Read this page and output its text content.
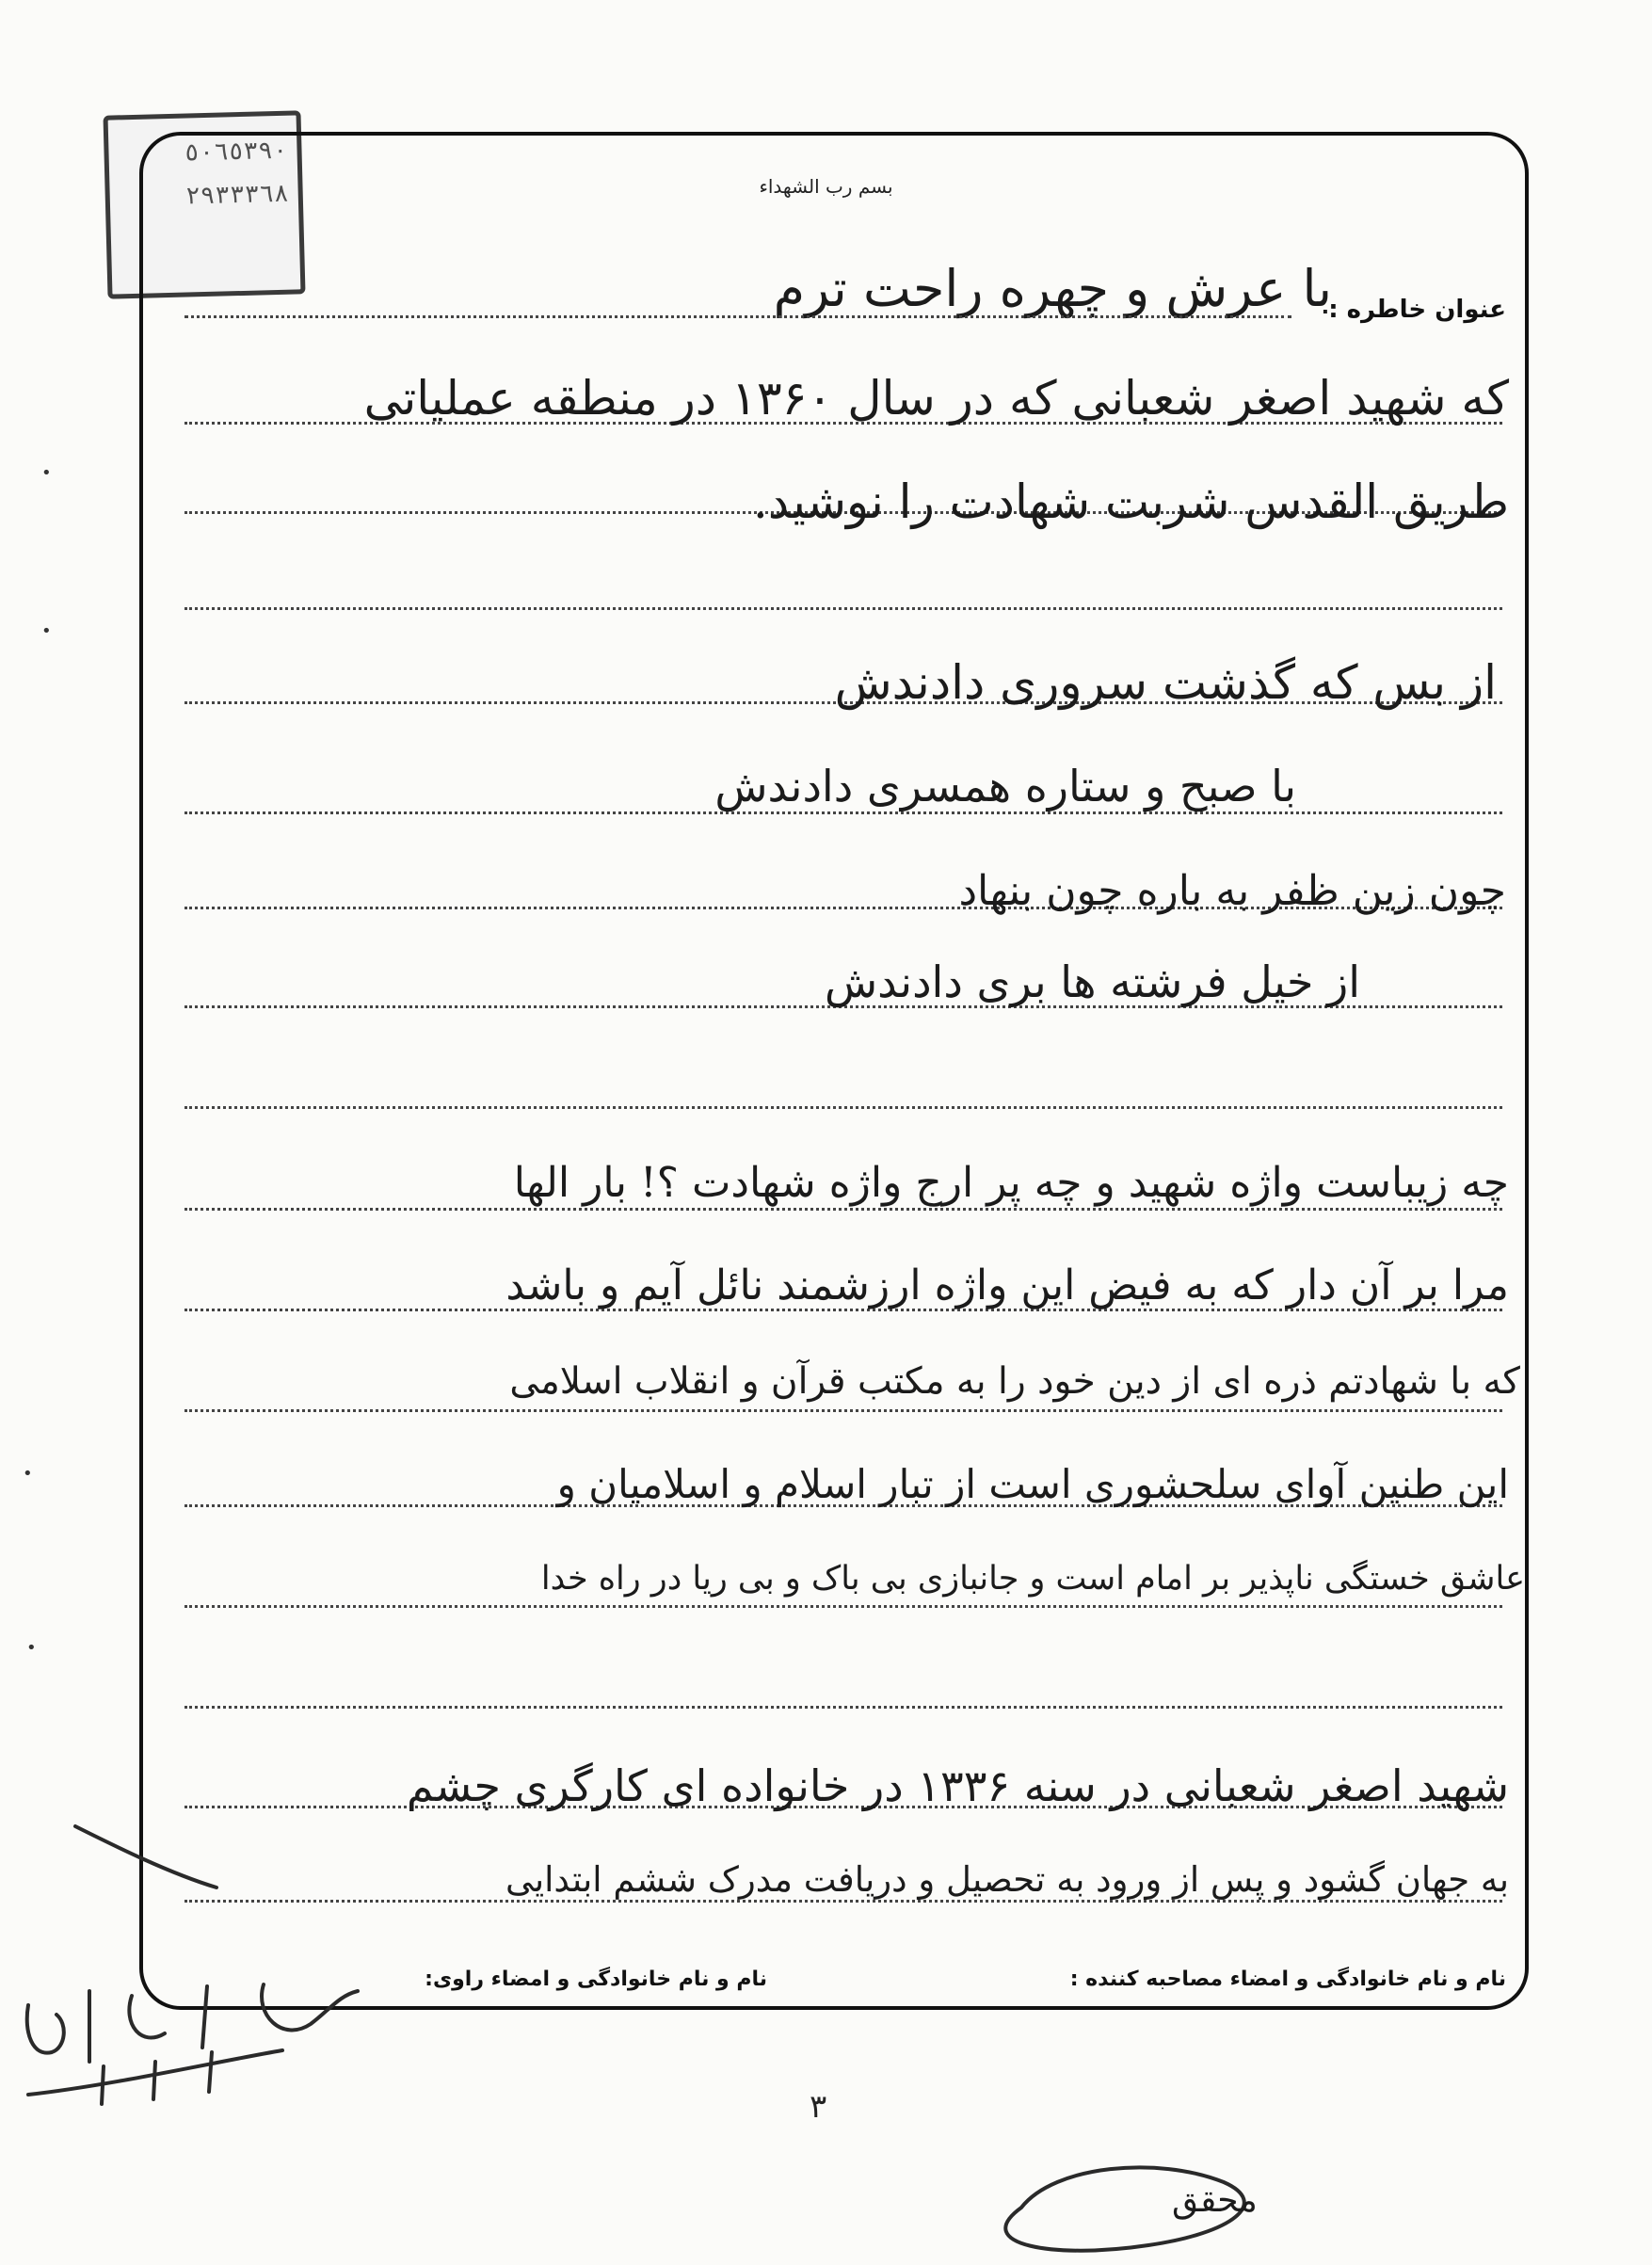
٥٠٦٥٣٩٠
٢٩٣٣٣٦٨	بسم رب الشهداء
عنوان خاطره :
با عرش و چهره راحت ترم
که شهید اصغر شعبانی که در سال ۱۳۶۰ در منطقه عملیاتی
طریق القدس شربت شهادت را نوشید.
از بس که گذشت سروری دادندش
با صبح و ستاره همسری دادندش
چون زین ظفر به باره چون بنهاد
از خیل فرشته ها بری دادندش
چه زیباست واژه شهید و چه پر ارج واژه شهادت ؟! بار الها
مرا بر آن دار که به فیض این واژه ارزشمند نائل آیم و باشد
که با شهادتم ذره ای از دین خود را به مکتب قرآن و انقلاب اسلامی
این طنین آوای سلحشوری است از تبار اسلام و اسلامیان و
عاشق خستگی ناپذیر بر امام است و جانبازی بی باک و بی ریا در راه خدا
شهید اصغر شعبانی در سنه ۱۳۳۶ در خانواده ای کارگری چشم
به جهان گشود و پس از ورود به تحصیل و دریافت مدرک ششم ابتدایی
نام و نام خانوادگی و امضاء مصاحبه کننده :
نام و نام خانوادگی و امضاء راوی:
۳
•
•
•
•
محقق
